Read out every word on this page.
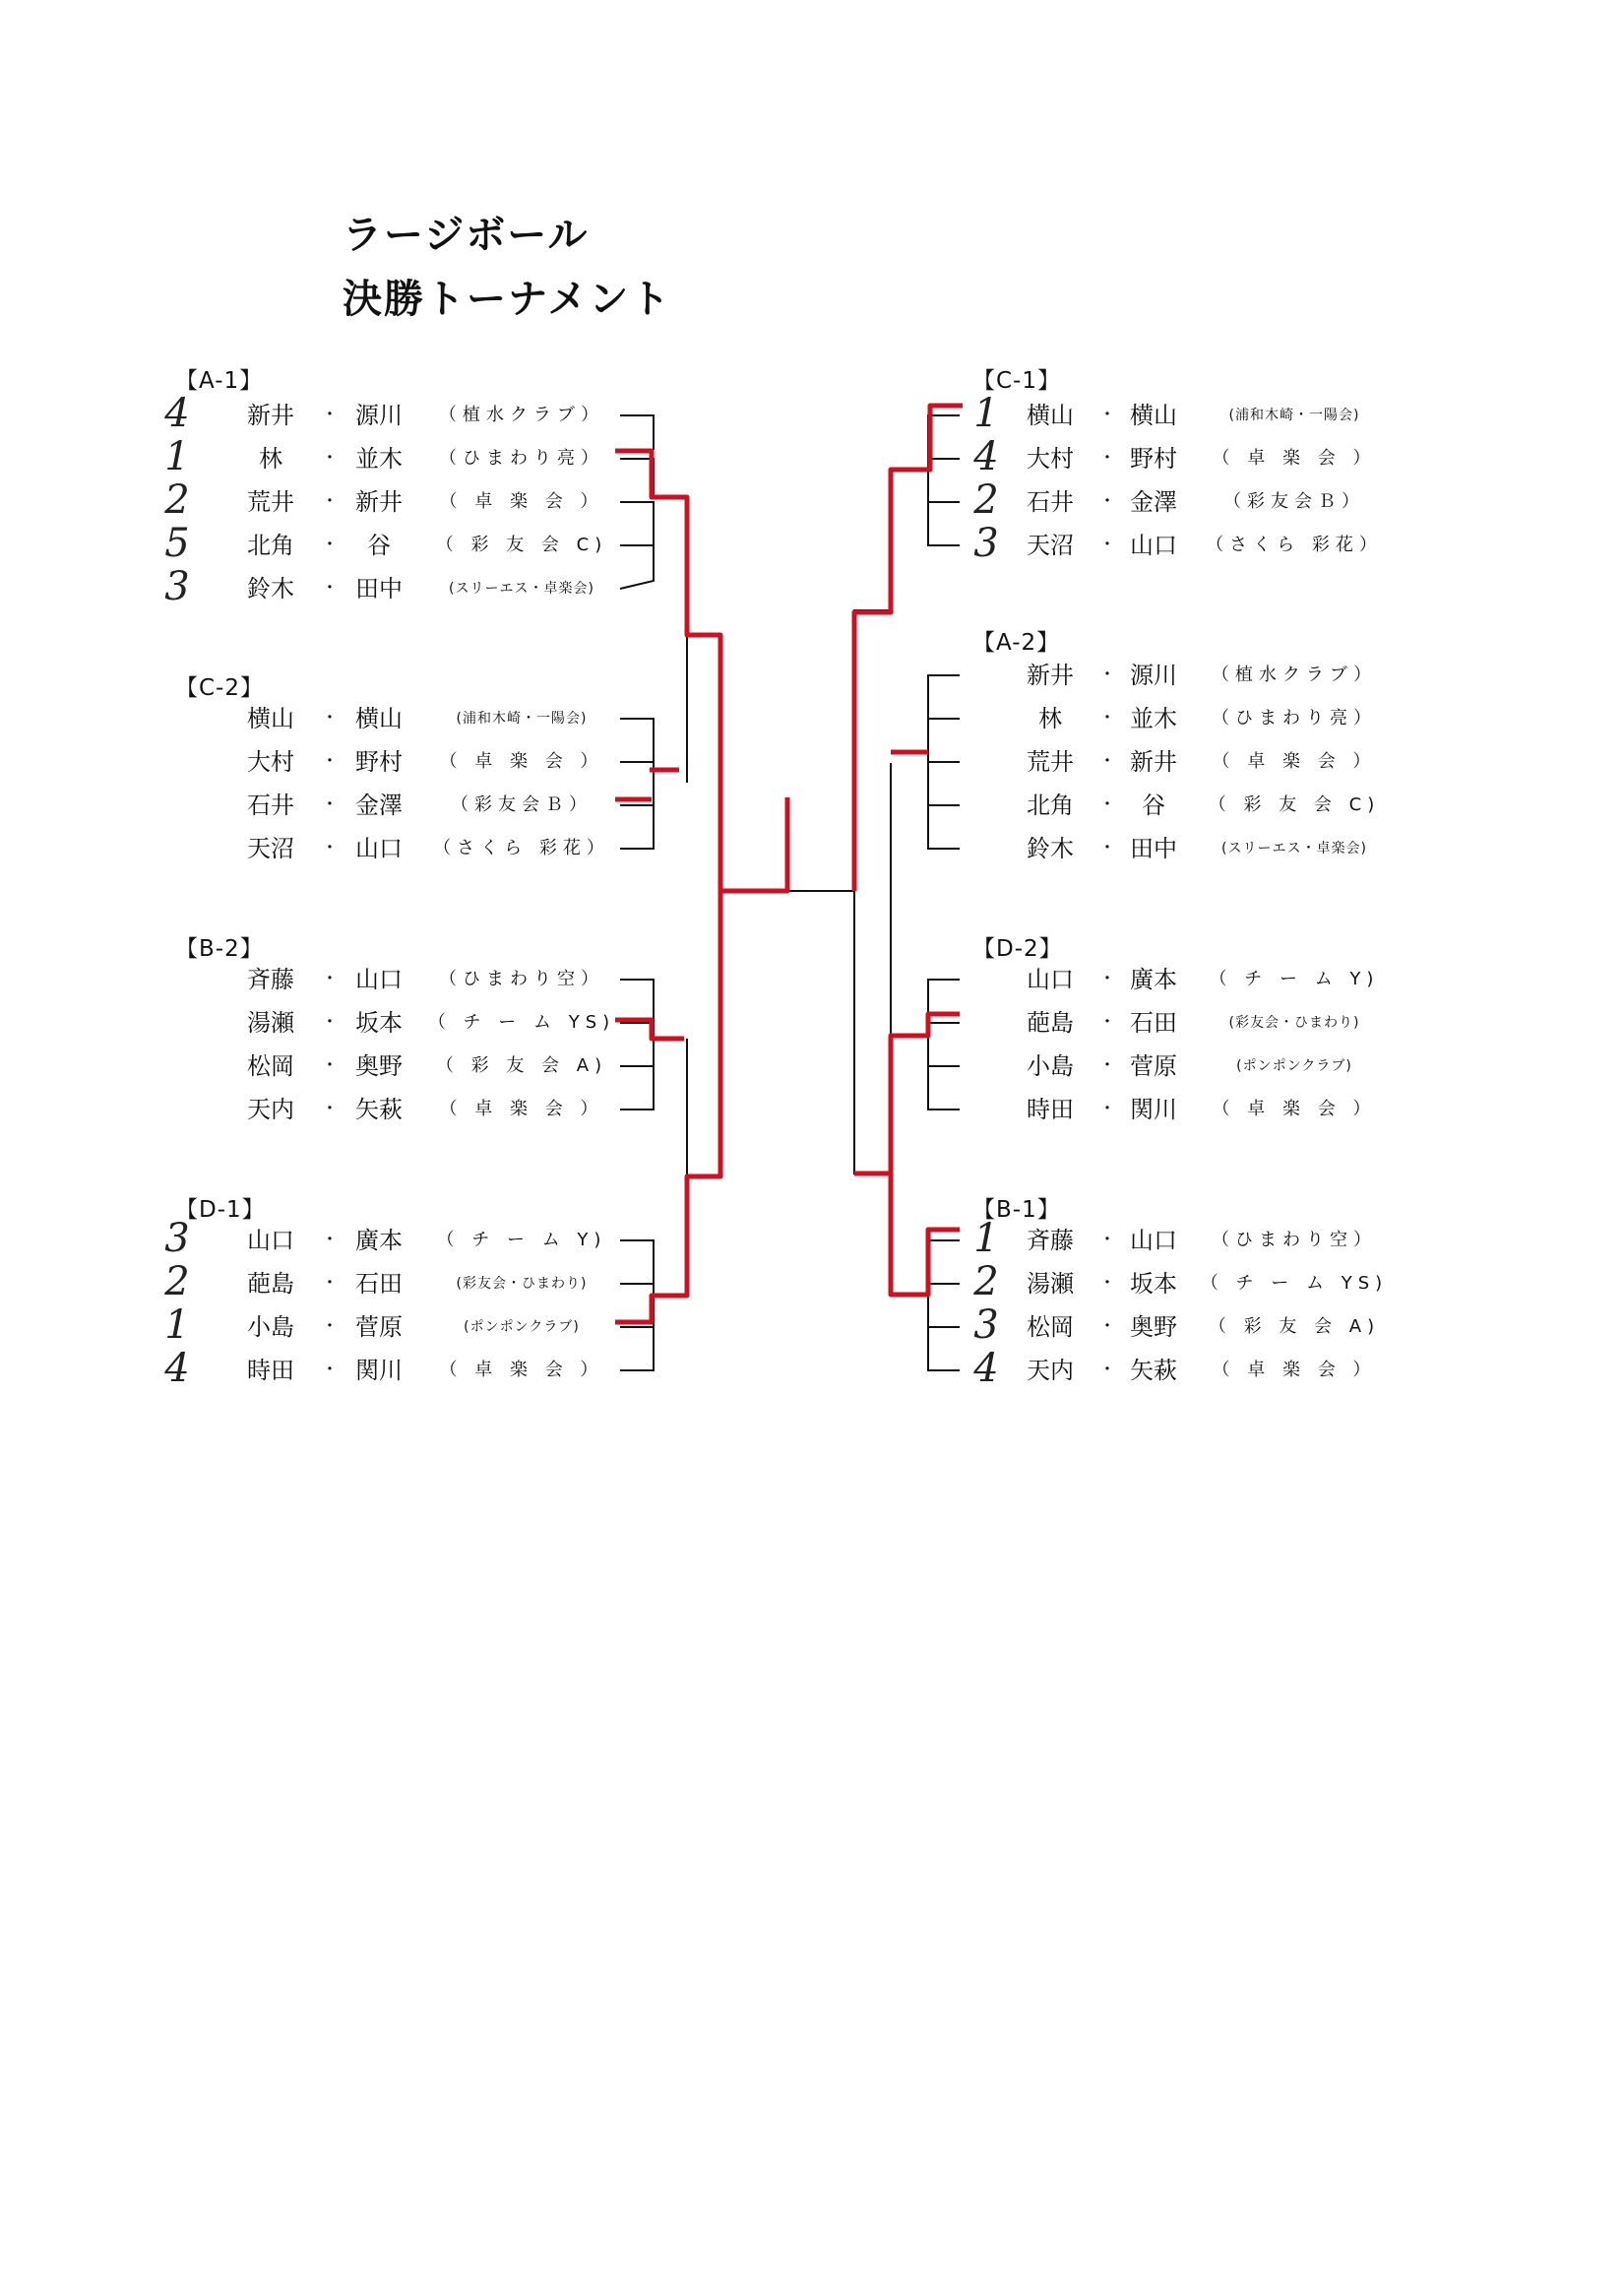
ラージボール
決勝トーナメント
【A-1】
4	新井	・ 源川	（植水クラブ）
1	林	・ 並木	（ひまわり亮）
2	荒井	・ 新井	（ 卓 楽 会 ）
5	北角	・	谷	（ 彩 友 会 C)
3	鈴木	・ 田中	(スリーエス・卓楽会)
【C-2】
横山	・ 横山	(浦和木崎・一陽会)
大村	・ 野村	（ 卓 楽 会 ）
石井	・ 金澤	（彩友会Ｂ）
天沼	・ 山口	（さくら 彩花）
【B-2】
斉藤	・ 山口	（ひまわり空）
湯瀬	・ 坂本	（ チ ー ム YS)
松岡	・ 奥野	（ 彩 友 会 A)
天内	・ 矢萩	（ 卓 楽 会 ）
【D-1】
3	山口	・ 廣本	（ チ ー ム Y)
2	葩島	・ 石田	(彩友会・ひまわり)
1	小島	・ 菅原	(ポンポンクラブ)
4	時田	・ 関川	（ 卓 楽 会 ）
【C-1】
1	横山	・ 横山	(浦和木崎・一陽会)
4	大村	・ 野村	（ 卓 楽 会 ）
2	石井	・ 金澤	（彩友会Ｂ）
3	天沼	・ 山口	（さくら 彩花）
【A-2】
新井	・ 源川	（植水クラブ）
林	・ 並木	（ひまわり亮）
荒井	・ 新井	（ 卓 楽 会 ）
北角	・	谷	（ 彩 友 会 C)
鈴木	・ 田中	(スリーエス・卓楽会)
【D-2】
山口	・ 廣本	（ チ ー ム Y)
葩島	・ 石田	(彩友会・ひまわり)
小島	・ 菅原	(ポンポンクラブ)
時田	・ 関川	（ 卓 楽 会 ）
【B-1】
1	斉藤	・ 山口	（ひまわり空）
2	湯瀬	・ 坂本	（ チ ー ム YS)
3	松岡	・ 奥野	（ 彩 友 会 A)
4	天内	・ 矢萩	（ 卓 楽 会 ）
